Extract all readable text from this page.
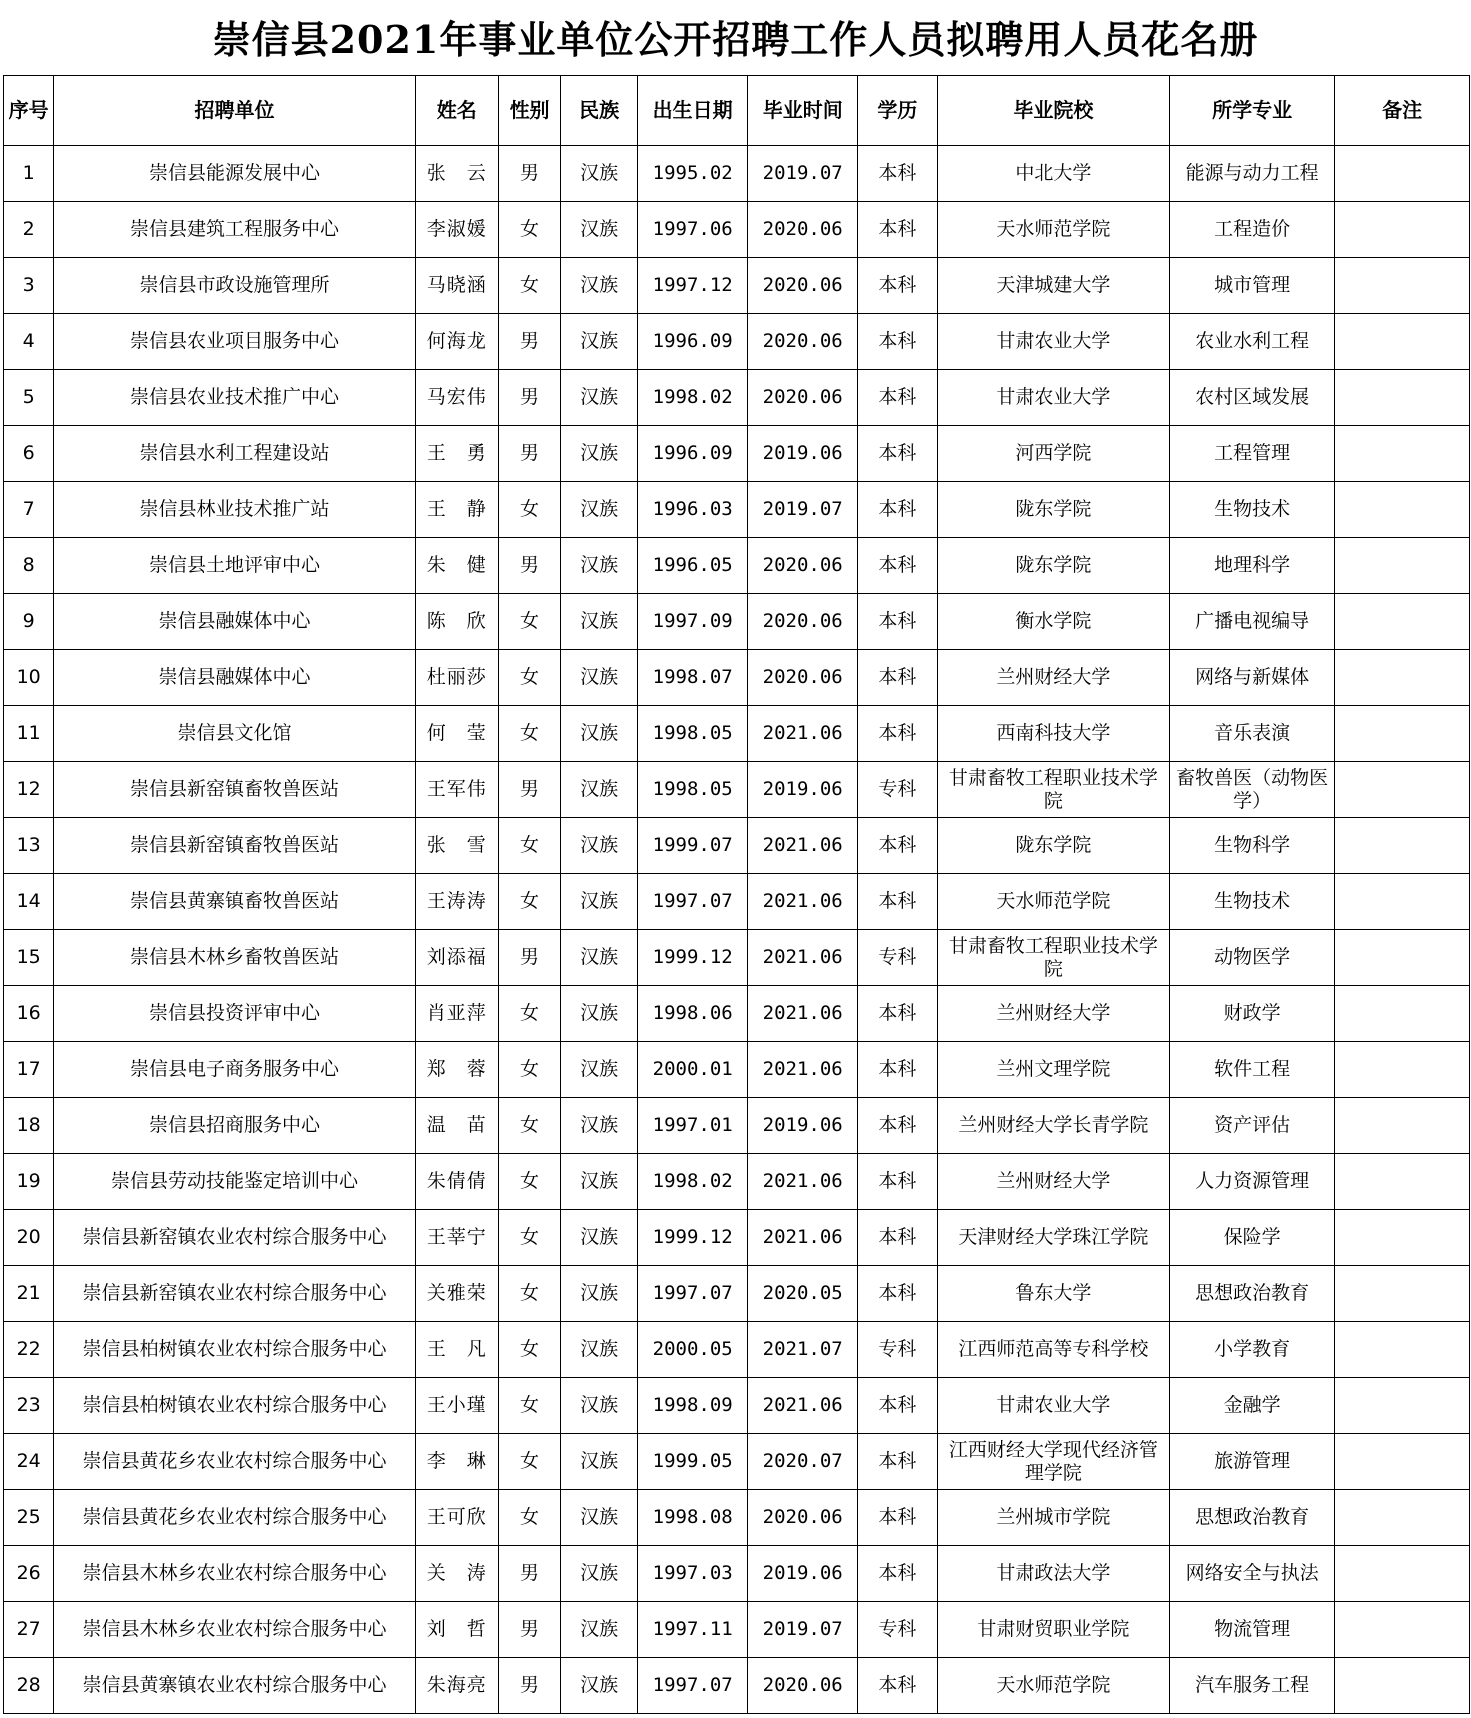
崇信县2021年事业单位公开招聘工作人员拟聘用人员花名册
序号	招聘单位	姓名	性别	民族	出生日期	毕业时间	学历	毕业院校	所学专业	备注
1	崇信县能源发展中心	张　云	男	汉族	1995.02	2019.07	本科	中北大学	能源与动力工程	
2	崇信县建筑工程服务中心	李淑媛	女	汉族	1997.06	2020.06	本科	天水师范学院	工程造价	
3	崇信县市政设施管理所	马晓涵	女	汉族	1997.12	2020.06	本科	天津城建大学	城市管理	
4	崇信县农业项目服务中心	何海龙	男	汉族	1996.09	2020.06	本科	甘肃农业大学	农业水利工程	
5	崇信县农业技术推广中心	马宏伟	男	汉族	1998.02	2020.06	本科	甘肃农业大学	农村区域发展	
6	崇信县水利工程建设站	王　勇	男	汉族	1996.09	2019.06	本科	河西学院	工程管理	
7	崇信县林业技术推广站	王　静	女	汉族	1996.03	2019.07	本科	陇东学院	生物技术	
8	崇信县土地评审中心	朱　健	男	汉族	1996.05	2020.06	本科	陇东学院	地理科学	
9	崇信县融媒体中心	陈　欣	女	汉族	1997.09	2020.06	本科	衡水学院	广播电视编导	
10	崇信县融媒体中心	杜丽莎	女	汉族	1998.07	2020.06	本科	兰州财经大学	网络与新媒体	
11	崇信县文化馆	何　莹	女	汉族	1998.05	2021.06	本科	西南科技大学	音乐表演	
12	崇信县新窑镇畜牧兽医站	王军伟	男	汉族	1998.05	2019.06	专科	甘肃畜牧工程职业技术学院	畜牧兽医（动物医学）	
13	崇信县新窑镇畜牧兽医站	张　雪	女	汉族	1999.07	2021.06	本科	陇东学院	生物科学	
14	崇信县黄寨镇畜牧兽医站	王涛涛	女	汉族	1997.07	2021.06	本科	天水师范学院	生物技术	
15	崇信县木林乡畜牧兽医站	刘添福	男	汉族	1999.12	2021.06	专科	甘肃畜牧工程职业技术学院	动物医学	
16	崇信县投资评审中心	肖亚萍	女	汉族	1998.06	2021.06	本科	兰州财经大学	财政学	
17	崇信县电子商务服务中心	郑　蓉	女	汉族	2000.01	2021.06	本科	兰州文理学院	软件工程	
18	崇信县招商服务中心	温　苗	女	汉族	1997.01	2019.06	本科	兰州财经大学长青学院	资产评估	
19	崇信县劳动技能鉴定培训中心	朱倩倩	女	汉族	1998.02	2021.06	本科	兰州财经大学	人力资源管理	
20	崇信县新窑镇农业农村综合服务中心	王莘宁	女	汉族	1999.12	2021.06	本科	天津财经大学珠江学院	保险学	
21	崇信县新窑镇农业农村综合服务中心	关雅荣	女	汉族	1997.07	2020.05	本科	鲁东大学	思想政治教育	
22	崇信县柏树镇农业农村综合服务中心	王　凡	女	汉族	2000.05	2021.07	专科	江西师范高等专科学校	小学教育	
23	崇信县柏树镇农业农村综合服务中心	王小瑾	女	汉族	1998.09	2021.06	本科	甘肃农业大学	金融学	
24	崇信县黄花乡农业农村综合服务中心	李　琳	女	汉族	1999.05	2020.07	本科	江西财经大学现代经济管理学院	旅游管理	
25	崇信县黄花乡农业农村综合服务中心	王可欣	女	汉族	1998.08	2020.06	本科	兰州城市学院	思想政治教育	
26	崇信县木林乡农业农村综合服务中心	关　涛	男	汉族	1997.03	2019.06	本科	甘肃政法大学	网络安全与执法	
27	崇信县木林乡农业农村综合服务中心	刘　哲	男	汉族	1997.11	2019.07	专科	甘肃财贸职业学院	物流管理	
28	崇信县黄寨镇农业农村综合服务中心	朱海亮	男	汉族	1997.07	2020.06	本科	天水师范学院	汽车服务工程	
